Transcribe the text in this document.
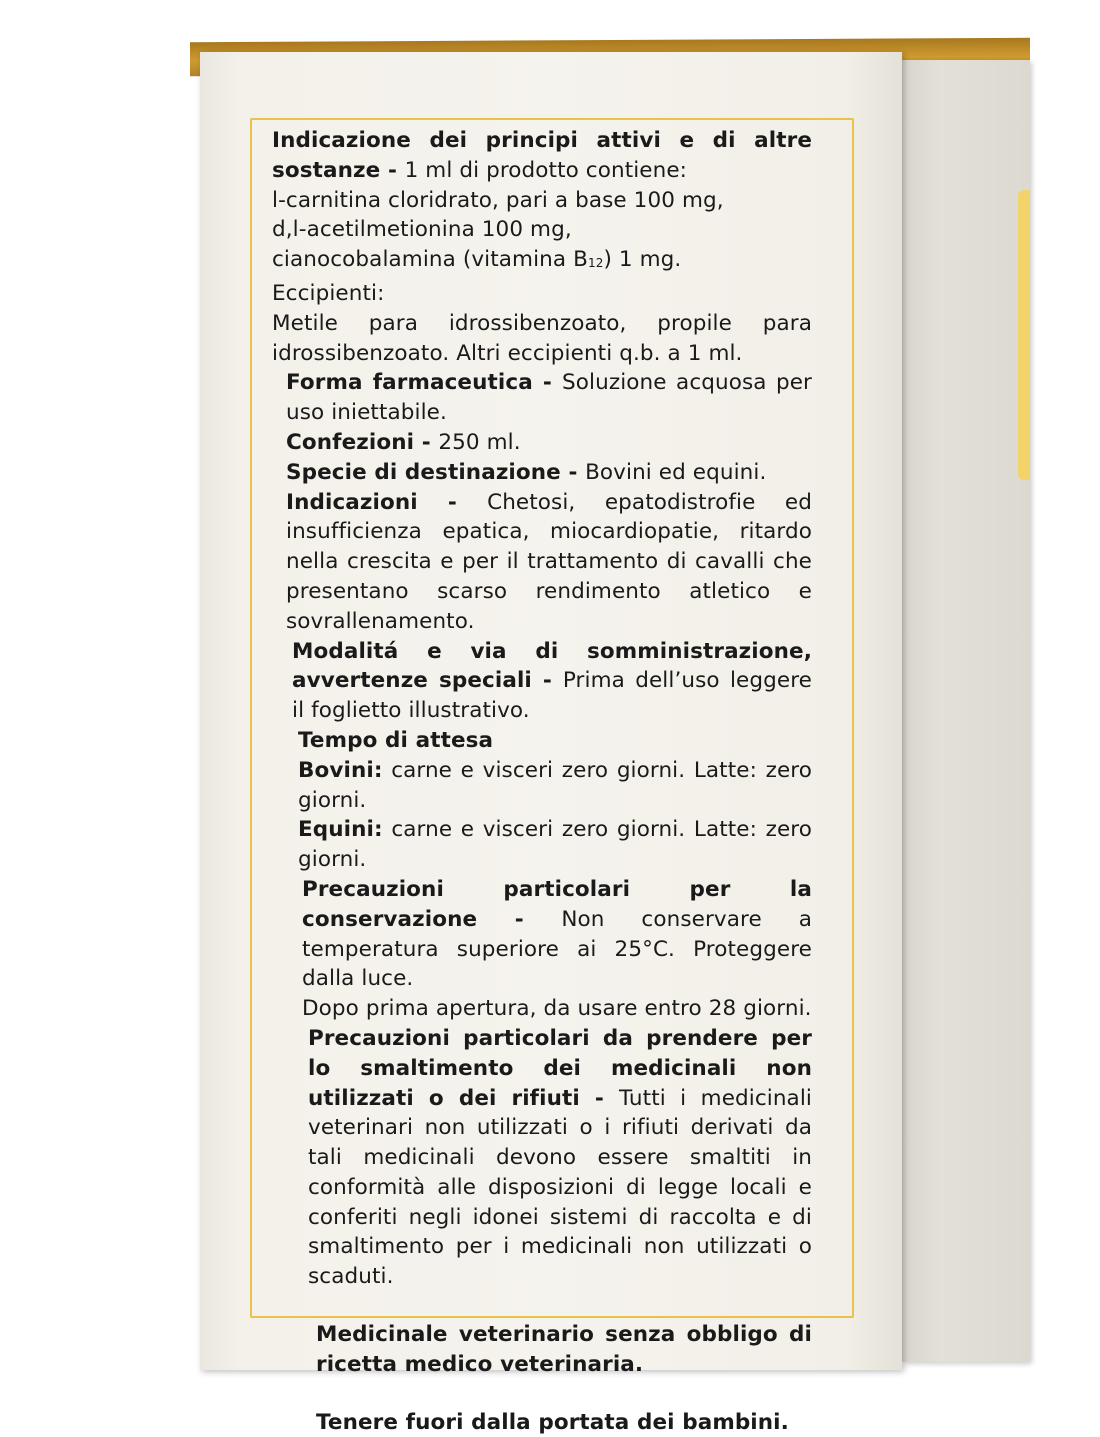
Indicazione dei principi attivi e di altre sostanze - 1 ml di prodotto contiene:

l-carnitina cloridrato, pari a base 100 mg,

d,l-acetilmetionina 100 mg,

cianocobalamina (vitamina B12) 1 mg.

Eccipienti:

Metile para idrossibenzoato, propile para idrossibenzoato. Altri eccipienti q.b. a 1 ml.

Forma farmaceutica - Soluzione acquosa per uso iniettabile.

Confezioni - 250 ml.

Specie di destinazione - Bovini ed equini.

Indicazioni - Chetosi, epatodistrofie ed insufficienza epatica, miocardiopatie, ritardo nella crescita e per il trattamento di cavalli che presentano scarso rendimento atletico e sovrallenamento.

Modalitá e via di somministrazione, avvertenze speciali - Prima dell’uso leggere il foglietto illustrativo.

Tempo di attesa

Bovini: carne e visceri zero giorni. Latte: zero giorni.

Equini: carne e visceri zero giorni. Latte: zero giorni.

Precauzioni particolari per la conservazione - Non conservare a temperatura superiore ai 25°C. Proteggere dalla luce.

Dopo prima apertura, da usare entro 28 giorni.

Precauzioni particolari da prendere per lo smaltimento dei medicinali non utilizzati o dei rifiuti - Tutti i medicinali veterinari non utilizzati o i rifiuti derivati da tali medicinali devono essere smaltiti in conformità alle disposizioni di legge locali e conferiti negli idonei sistemi di raccolta e di smaltimento per i medicinali non utilizzati o scaduti.

Medicinale veterinario senza obbligo di ricetta medico veterinaria.

Tenere fuori dalla portata dei bambini.
